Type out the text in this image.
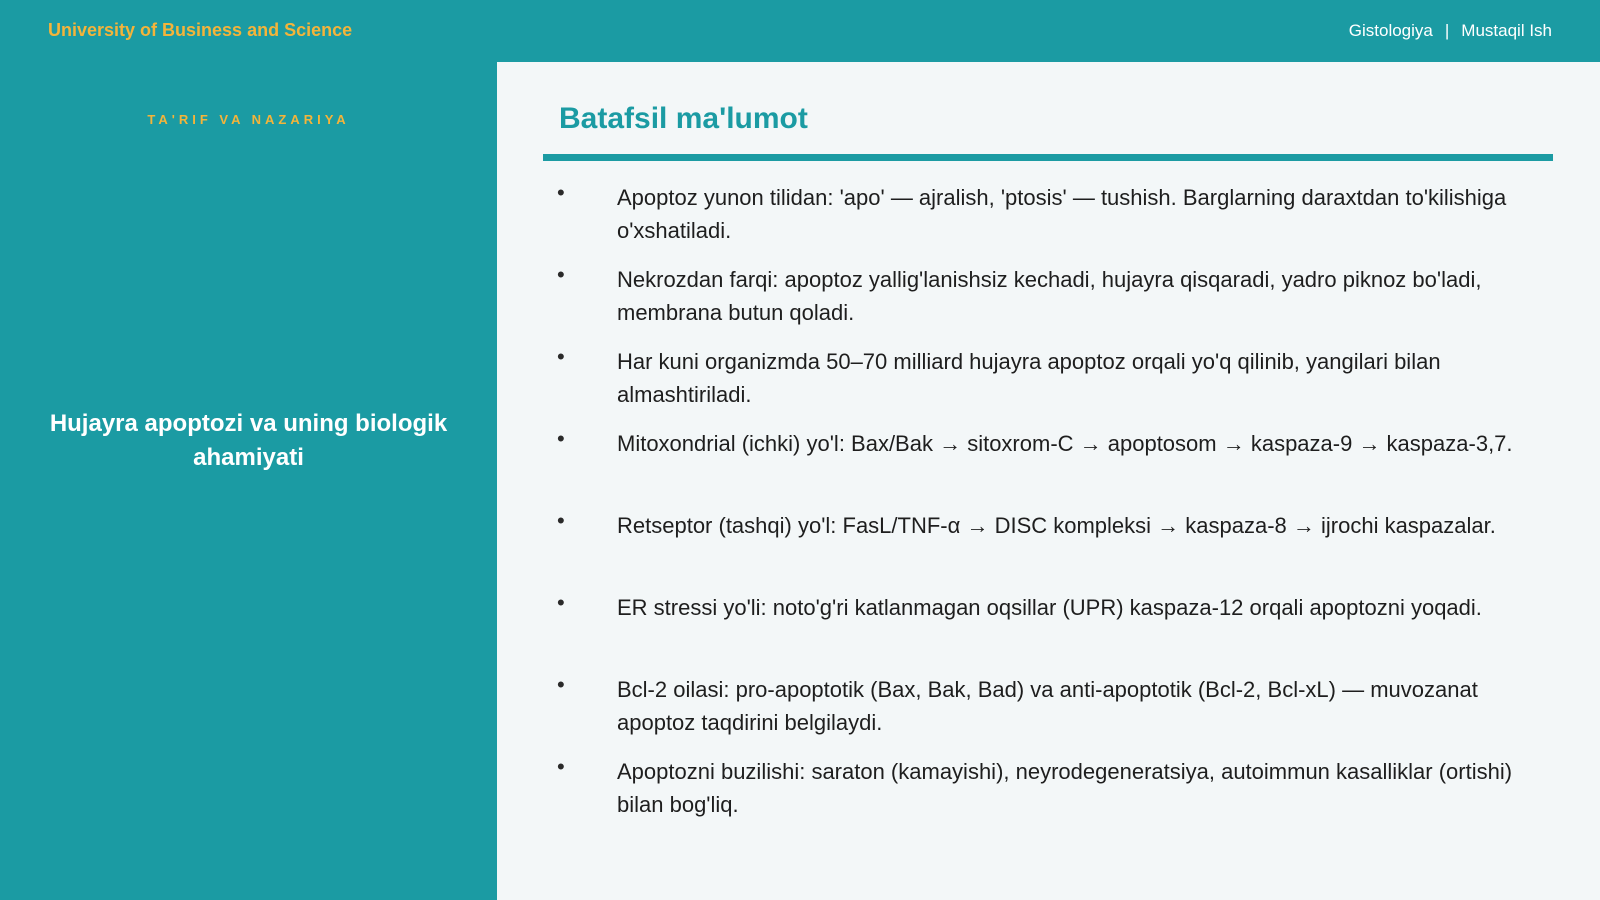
University of Business and Science	Gistologiya | Mustaqil Ish
TA'RIF VA NAZARIYA
Hujayra apoptozi va uning biologik ahamiyati
Batafsil ma'lumot
• Apoptoz yunon tilidan: 'apo' — ajralish, 'ptosis' — tushish. Barglarning daraxtdan to'kilishiga o'xshatiladi.
• Nekrozdan farqi: apoptoz yallig'lanishsiz kechadi, hujayra qisqaradi, yadro piknoz bo'ladi, membrana butun qoladi.
• Har kuni organizmda 50–70 milliard hujayra apoptoz orqali yo'q qilinib, yangilari bilan almashtiriladi.
• Mitoxondrial (ichki) yo'l: Bax/Bak → sitoxrom-C → apoptosom → kaspaza-9 → kaspaza-3,7.
• Retseptor (tashqi) yo'l: FasL/TNF-α → DISC kompleksi → kaspaza-8 → ijrochi kaspazalar.
• ER stressi yo'li: noto'g'ri katlanmagan oqsillar (UPR) kaspaza-12 orqali apoptozni yoqadi.
• Bcl-2 oilasi: pro-apoptotik (Bax, Bak, Bad) va anti-apoptotik (Bcl-2, Bcl-xL) — muvozanat apoptoz taqdirini belgilaydi.
• Apoptozni buzilishi: saraton (kamayishi), neyrodegeneratsiya, autoimmun kasalliklar (ortishi) bilan bog'liq.
